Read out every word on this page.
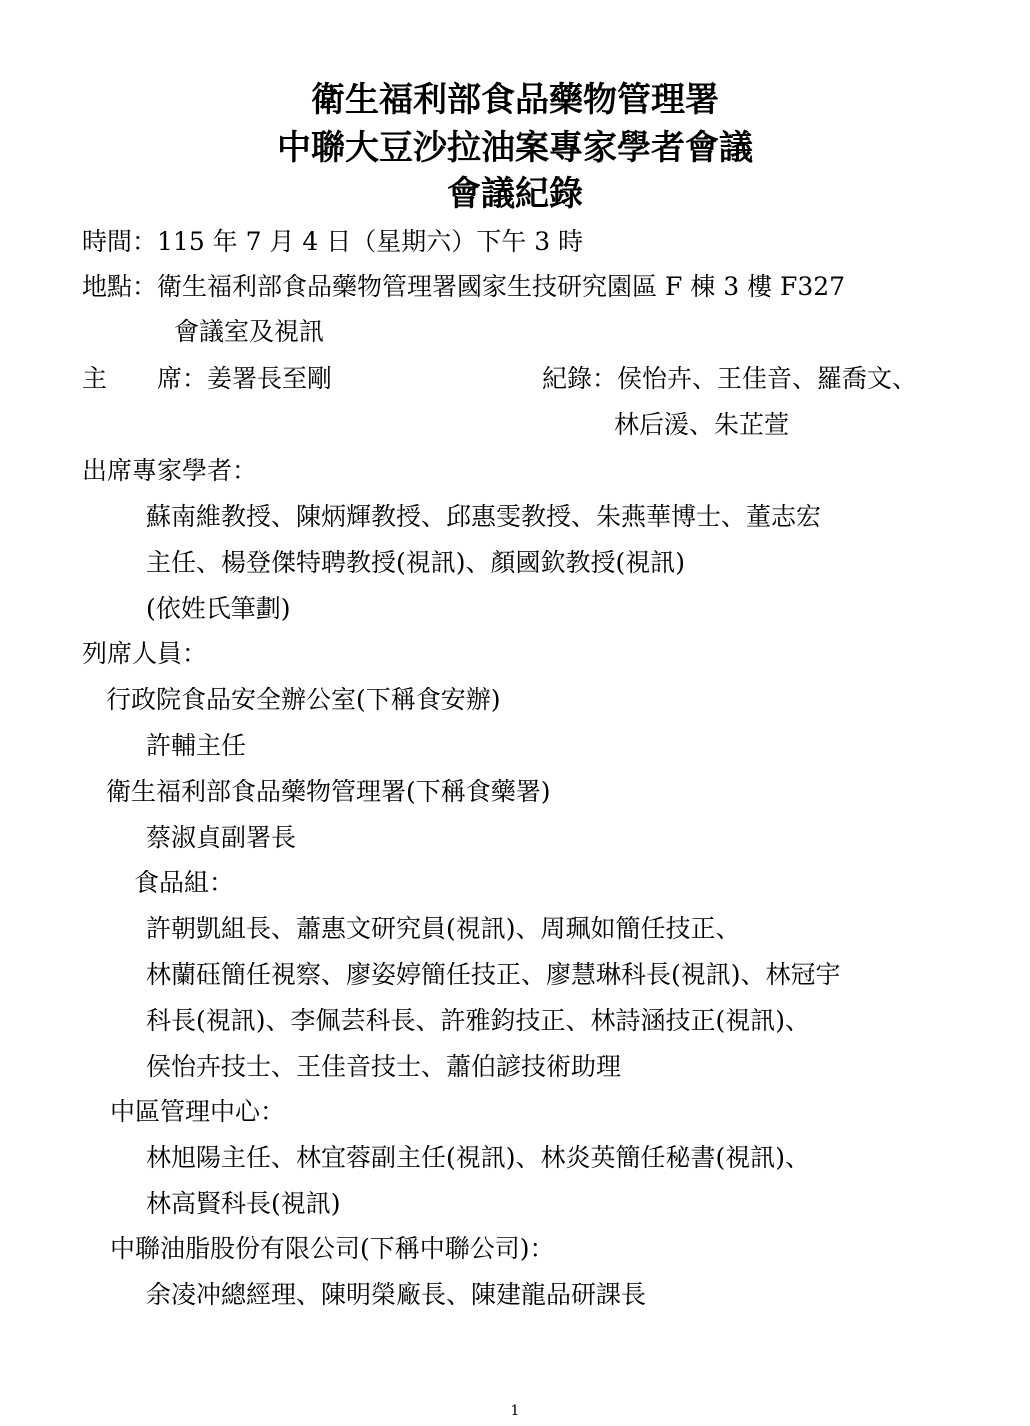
衛生福利部食品藥物管理署
中聯大豆沙拉油案專家學者會議
會議紀錄
時間：115 年 7 月 4 日（星期六）下午 3 時
地點：衛生福利部食品藥物管理署國家生技研究園區 F 棟 3 樓 F327
會議室及視訊
主　　席：姜署長至剛	紀錄：侯怡卉、王佳音、羅喬文、
林后湲、朱芷萱
出席專家學者：
蘇南維教授、陳炳輝教授、邱惠雯教授、朱燕華博士、董志宏
主任、楊登傑特聘教授(視訊)、顏國欽教授(視訊)
(依姓氏筆劃)
列席人員：
行政院食品安全辦公室(下稱食安辦)
許輔主任
衛生福利部食品藥物管理署(下稱食藥署)
蔡淑貞副署長
食品組：
許朝凱組長、蕭惠文研究員(視訊)、周珮如簡任技正、
林蘭砡簡任視察、廖姿婷簡任技正、廖慧琳科長(視訊)、林冠宇
科長(視訊)、李佩芸科長、許雅鈞技正、林詩涵技正(視訊)、
侯怡卉技士、王佳音技士、蕭伯諺技術助理
中區管理中心：
林旭陽主任、林宜蓉副主任(視訊)、林炎英簡任秘書(視訊)、
林高賢科長(視訊)
中聯油脂股份有限公司(下稱中聯公司)：
余凌冲總經理、陳明榮廠長、陳建龍品研課長
1
